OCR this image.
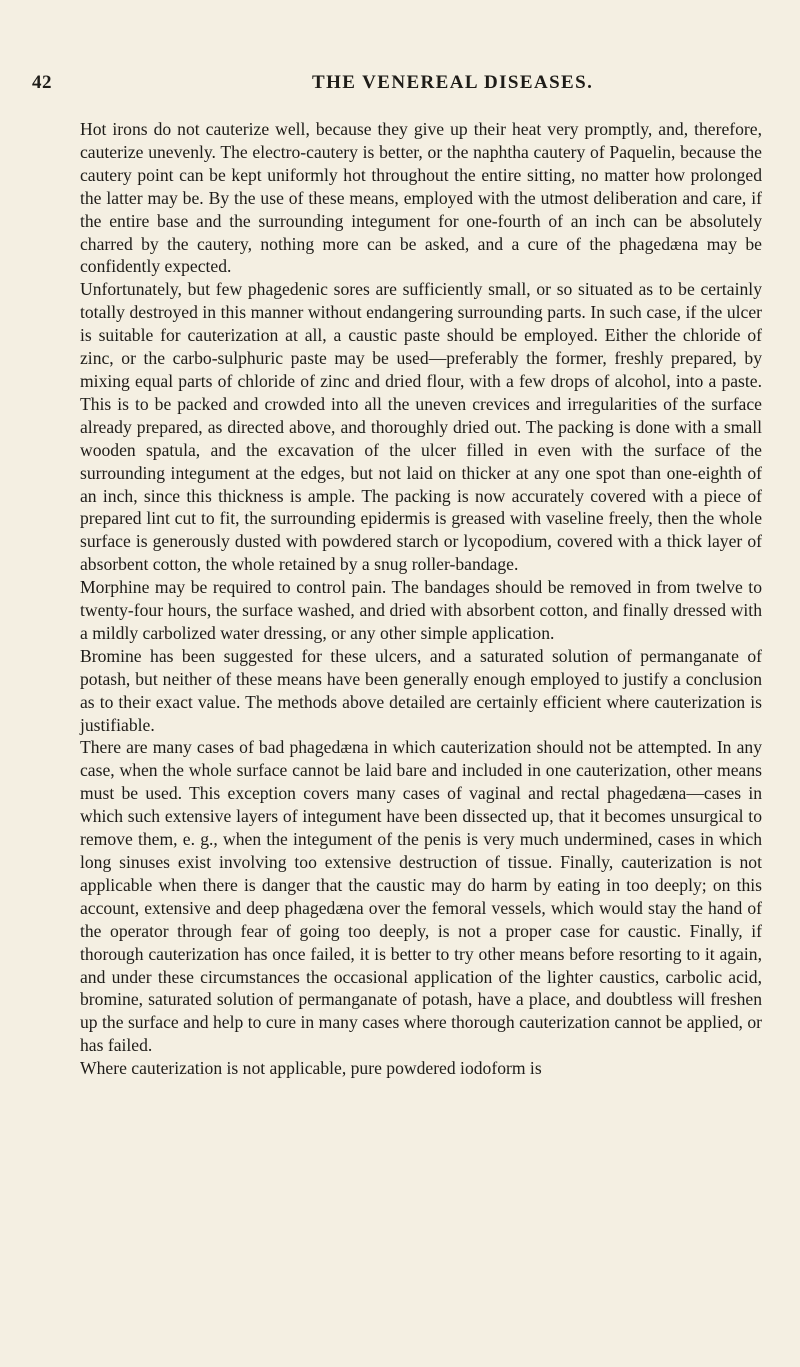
42	THE VENEREAL DISEASES.

Hot irons do not cauterize well, because they give up their heat very promptly, and, therefore, cauterize unevenly. The electro-cautery is better, or the naphtha cautery of Paquelin, because the cautery point can be kept uniformly hot throughout the entire sitting, no matter how prolonged the latter may be. By the use of these means, employed with the utmost deliberation and care, if the entire base and the surrounding integument for one-fourth of an inch can be absolutely charred by the cautery, nothing more can be asked, and a cure of the phagedæna may be confidently expected.

Unfortunately, but few phagedenic sores are sufficiently small, or so situated as to be certainly totally destroyed in this manner without endangering surrounding parts. In such case, if the ulcer is suitable for cauterization at all, a caustic paste should be employed. Either the chloride of zinc, or the carbo-sulphuric paste may be used—preferably the former, freshly prepared, by mixing equal parts of chloride of zinc and dried flour, with a few drops of alcohol, into a paste. This is to be packed and crowded into all the uneven crevices and irregularities of the surface already prepared, as directed above, and thoroughly dried out. The packing is done with a small wooden spatula, and the excavation of the ulcer filled in even with the surface of the surrounding integument at the edges, but not laid on thicker at any one spot than one-eighth of an inch, since this thickness is ample. The packing is now accurately covered with a piece of prepared lint cut to fit, the surrounding epidermis is greased with vaseline freely, then the whole surface is generously dusted with powdered starch or lycopodium, covered with a thick layer of absorbent cotton, the whole retained by a snug roller-bandage.

Morphine may be required to control pain. The bandages should be removed in from twelve to twenty-four hours, the surface washed, and dried with absorbent cotton, and finally dressed with a mildly carbolized water dressing, or any other simple application.

Bromine has been suggested for these ulcers, and a saturated solution of permanganate of potash, but neither of these means have been generally enough employed to justify a conclusion as to their exact value. The methods above detailed are certainly efficient where cauterization is justifiable.

There are many cases of bad phagedæna in which cauterization should not be attempted. In any case, when the whole surface cannot be laid bare and included in one cauterization, other means must be used. This exception covers many cases of vaginal and rectal phagedæna—cases in which such extensive layers of integument have been dissected up, that it becomes unsurgical to remove them, e. g., when the integument of the penis is very much undermined, cases in which long sinuses exist involving too extensive destruction of tissue. Finally, cauterization is not applicable when there is danger that the caustic may do harm by eating in too deeply; on this account, extensive and deep phagedæna over the femoral vessels, which would stay the hand of the operator through fear of going too deeply, is not a proper case for caustic. Finally, if thorough cauterization has once failed, it is better to try other means before resorting to it again, and under these circumstances the occasional application of the lighter caustics, carbolic acid, bromine, saturated solution of permanganate of potash, have a place, and doubtless will freshen up the surface and help to cure in many cases where thorough cauterization cannot be applied, or has failed.

Where cauterization is not applicable, pure powdered iodoform is
